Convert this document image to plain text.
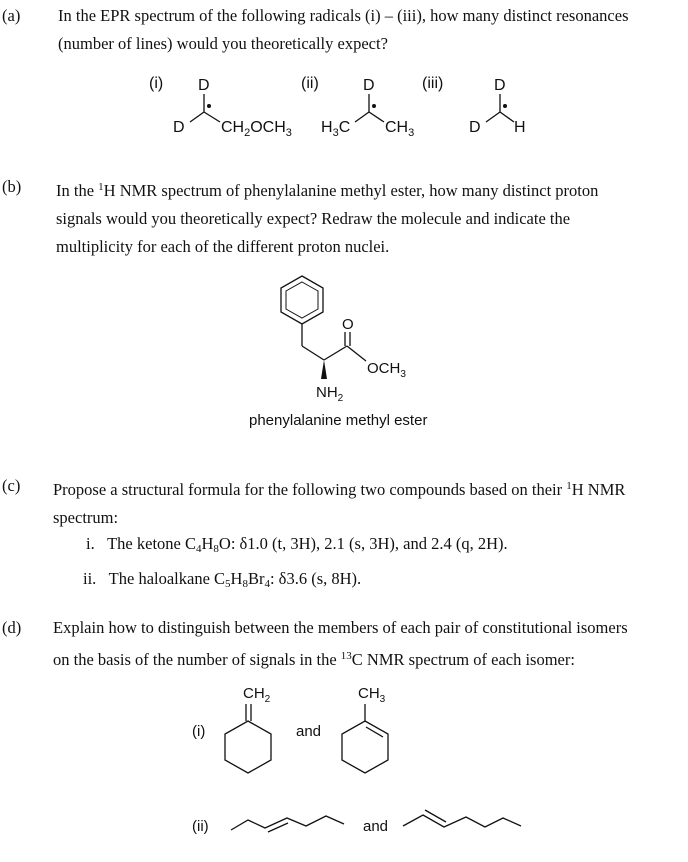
(a) In the EPR spectrum of the following radicals (i) – (iii), how many distinct resonances
(number of lines) would you theoretically expect?
(i)	(ii)	(iii)
D
D $CH_2OCH_3$
D
$H_3C$ $CH_3$
D
D H
(b) In the $^1$H NMR spectrum of phenylalanine methyl ester, how many distinct proton
signals would you theoretically expect? Redraw the molecule and indicate the
multiplicity for each of the different proton nuclei.
O
$OCH_3$
$NH_2$
phenylalanine methyl ester
(c) Propose a structural formula for the following two compounds based on their $^1$H NMR
spectrum:
i. The ketone $C_4H_8O$: δ1.0 (t, 3H), 2.1 (s, 3H), and 2.4 (q, 2H).
ii. The haloalkane $C_5H_8Br_4$: δ3.6 (s, 8H).
(d) Explain how to distinguish between the members of each pair of constitutional isomers
on the basis of the number of signals in the $^{13}$C NMR spectrum of each isomer:
(i)
$CH_2$
and
$CH_3$
(ii)	and
